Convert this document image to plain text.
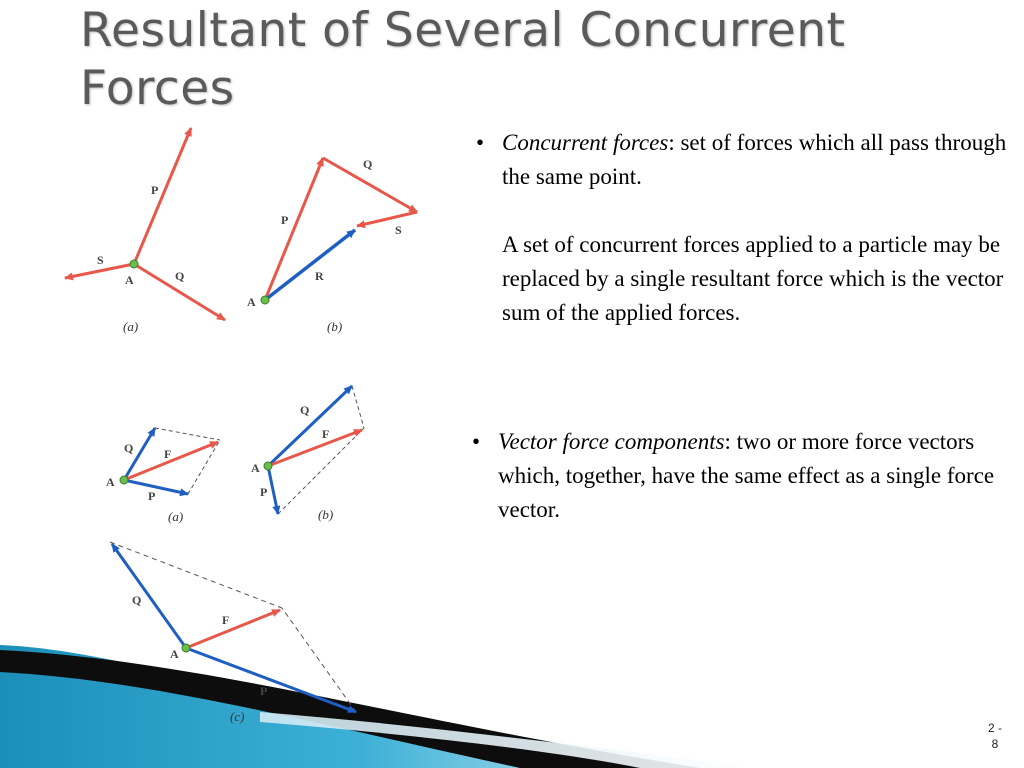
Resultant of Several Concurrent Forces
P
S
Q
A
(a)
P
Q
S
R
A
(b)
Q
P
F
A
(a)
Q
P
F
A
(b)
Q
P
F
A
(c)
• Concurrent forces: set of forces which all pass through the same point.
A set of concurrent forces applied to a particle may be replaced by a single resultant force which is the vector sum of the applied forces.
• Vector force components: two or more force vectors which, together, have the same effect as a single force vector.
2 -
8
